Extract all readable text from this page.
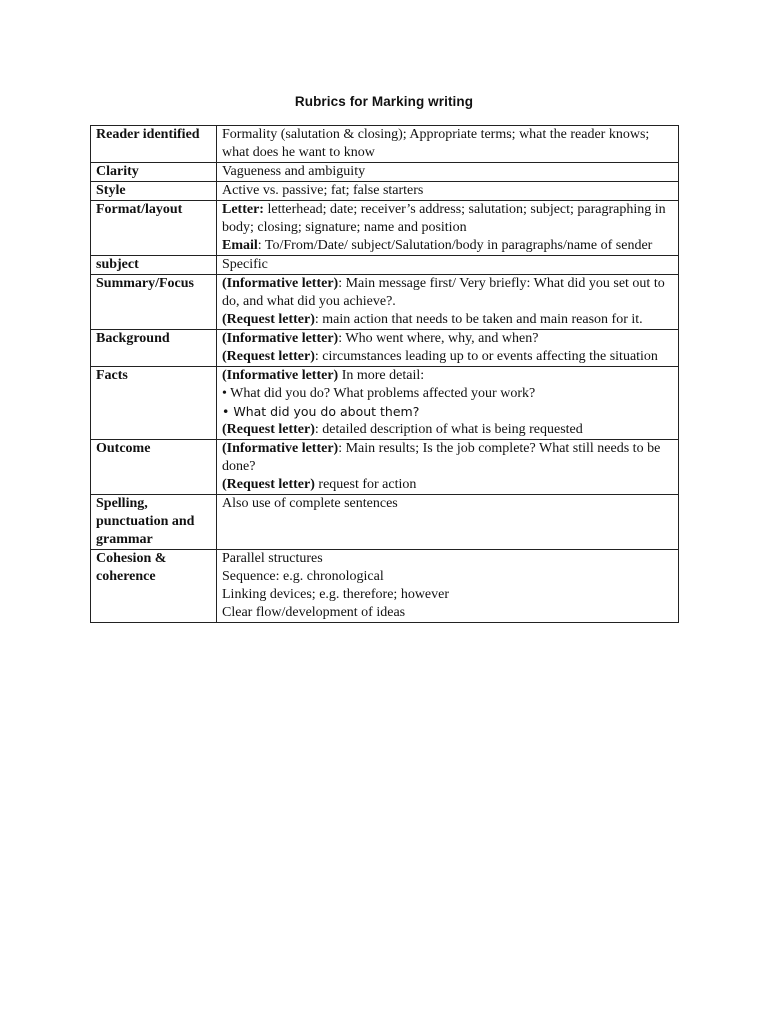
Rubrics for Marking writing
Reader identified	Formality (salutation & closing); Appropriate terms; what the reader knows; what does he want to know

Clarity	Vagueness and ambiguity

Style	Active vs. passive; fat; false starters

Format/layout	Letter: letterhead; date; receiver’s address; salutation; subject; paragraphing in body; closing; signature; name and position
Email: To/From/Date/ subject/Salutation/body in paragraphs/name of sender

subject	Specific

Summary/Focus	(Informative letter): Main message first/ Very briefly: What did you set out to do, and what did you achieve?.
(Request letter): main action that needs to be taken and main reason for it.

Background	(Informative letter): Who went where, why, and when?
(Request letter): circumstances leading up to or events affecting the situation

Facts	(Informative letter) In more detail:
• What did you do? What problems affected your work?
• What did you do about them?
(Request letter): detailed description of what is being requested

Outcome	(Informative letter): Main results; Is the job complete? What still needs to be done?
(Request letter) request for action

Spelling, punctuation and grammar	Also use of complete sentences

Cohesion & coherence	Parallel structures
Sequence: e.g. chronological
Linking devices; e.g. therefore; however
Clear flow/development of ideas
